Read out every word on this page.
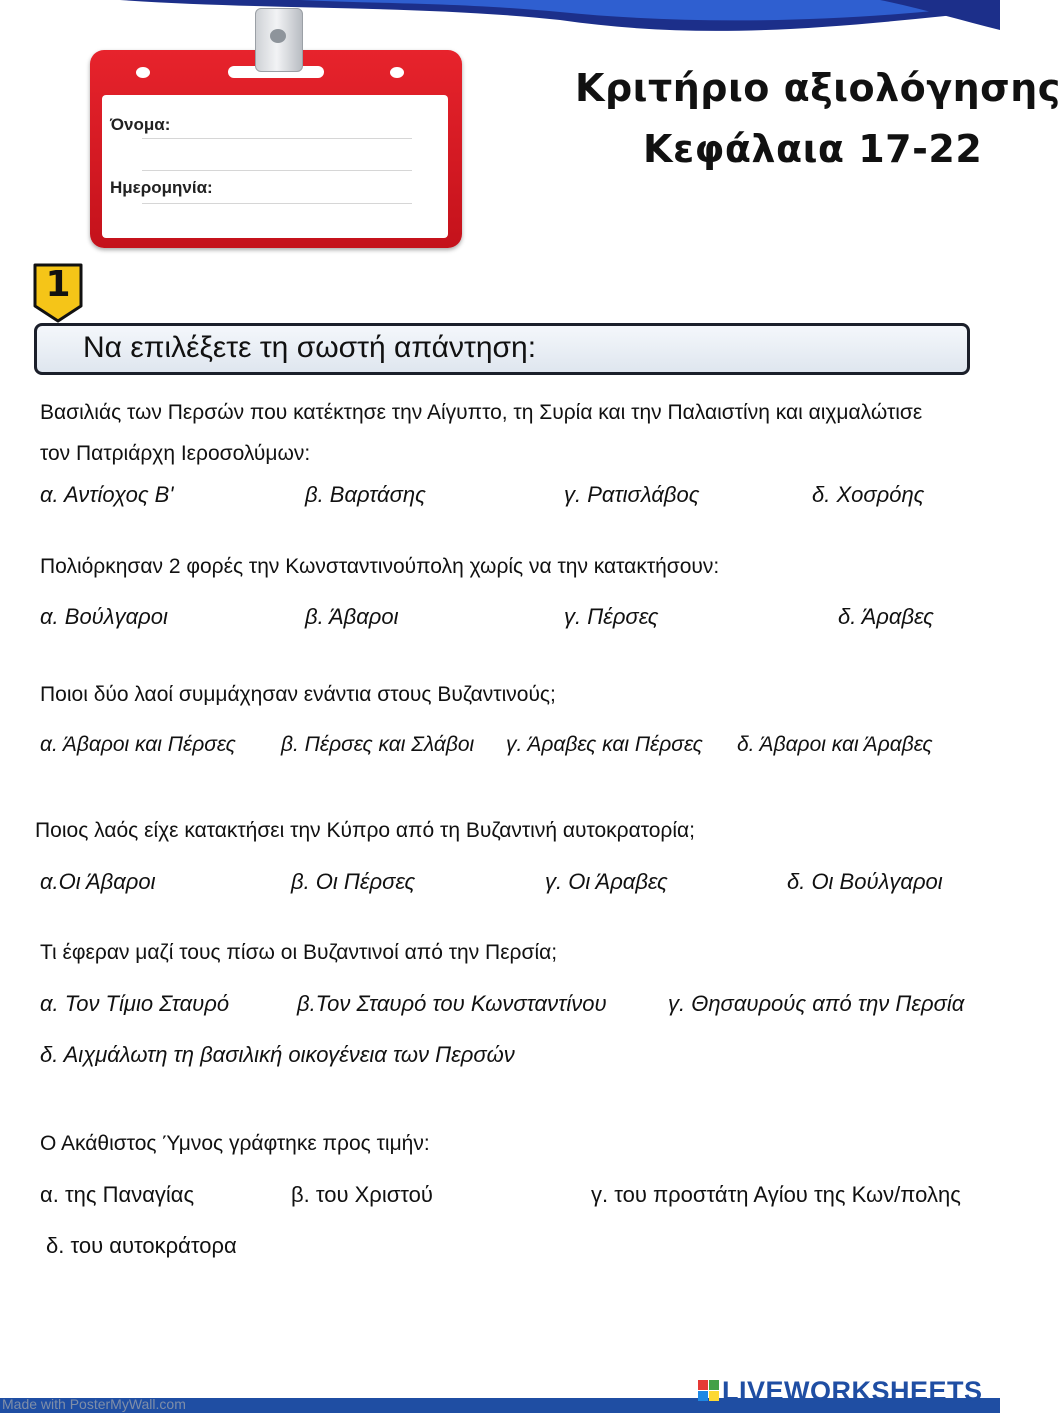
Όνομα:
Ημερομηνία:
Κριτήριο αξιολόγησης
Κεφάλαια 17-22
1
Να επιλέξετε τη σωστή απάντηση:
Βασιλιάς των Περσών που κατέκτησε την Αίγυπτο, τη Συρία και την Παλαιστίνη και αιχμαλώτισε
τον Πατριάρχη Ιεροσολύμων:
α. Αντίοχος Β'	β. Βαρτάσης	γ. Ρατισλάβος	δ. Χοσρόης
Πολιόρκησαν 2 φορές την Κωνσταντινούπολη χωρίς να την κατακτήσουν:
α. Βούλγαροι	β. Άβαροι	γ. Πέρσες	δ. Άραβες
Ποιοι δύο λαοί συμμάχησαν ενάντια στους Βυζαντινούς;
α. Άβαροι και Πέρσες β. Πέρσες και Σλάβοι γ. Άραβες και Πέρσες δ. Άβαροι και Άραβες
Ποιος λαός είχε κατακτήσει την Κύπρο από τη Βυζαντινή αυτοκρατορία;
α.Οι Άβαροι	β. Οι Πέρσες	γ. Οι Άραβες	δ. Οι Βούλγαροι
Τι έφεραν μαζί τους πίσω οι Βυζαντινοί από την Περσία;
α. Τον Τίμιο Σταυρό	β.Τον Σταυρό του Κωνσταντίνου	γ. Θησαυρούς από την Περσία
δ. Αιχμάλωτη τη βασιλική οικογένεια των Περσών
Ο Ακάθιστος Ύμνος γράφτηκε προς τιμήν:
α. της Παναγίας	β. του Χριστού	γ. του προστάτη Αγίου της Κων/πολης
δ. του αυτοκράτορα
Made with PosterMyWall.com	LIVEWORKSHEETS
